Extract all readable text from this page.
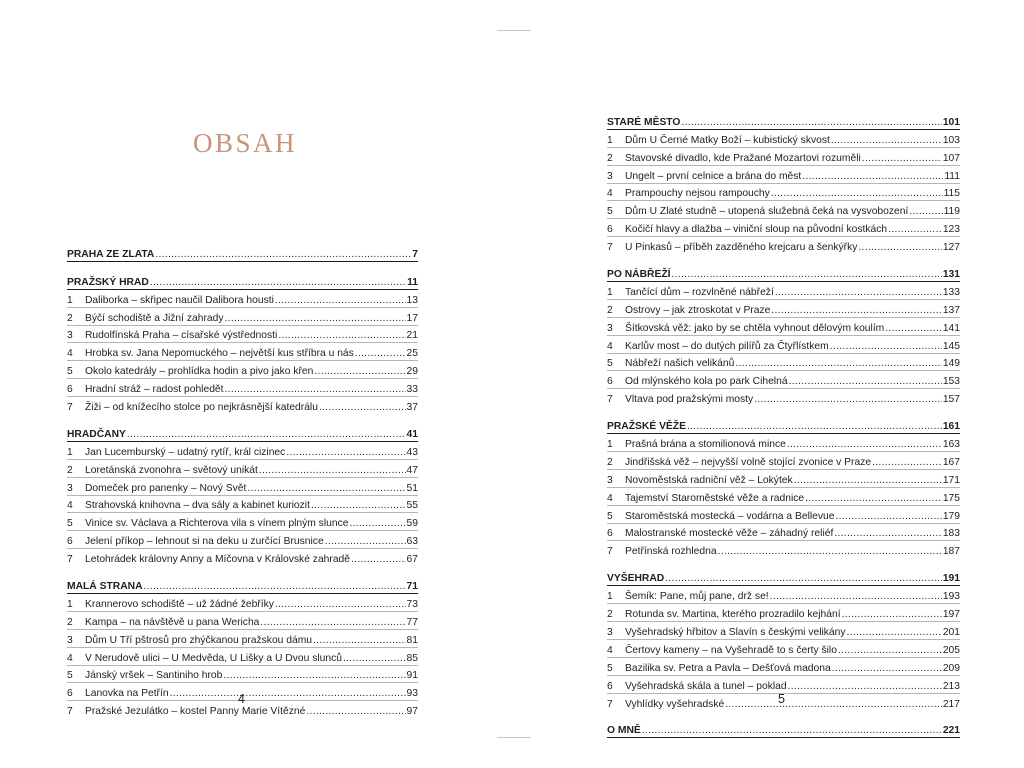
OBSAH
PRAHA ZE ZLATA .....	7
PRAŽSKÝ HRAD .....	11
1	Daliborka – skřipec naučil Dalibora housti .....	13
2	Býčí schodiště a Jižní zahrady .....	17
3	Rudolfínská Praha – císařské výstřednosti .....	21
4	Hrobka sv. Jana Nepomuckého – největší kus stříbra u nás .....	25
5	Okolo katedrály – prohlídka hodin a pivo jako křen .....	29
6	Hradní stráž – radost pohledět .....	33
7	Žiži – od knížecího stolce po nejkrásnější katedrálu .....	37
HRADČANY .....	41
1	Jan Lucemburský – udatný rytíř, král cizinec .....	43
2	Loretánská zvonohra – světový unikát .....	47
3	Domeček pro panenky – Nový Svět .....	51
4	Strahovská knihovna – dva sály a kabinet kuriozit .....	55
5	Vinice sv. Václava a Richterova vila s vínem plným slunce .....	59
6	Jelení příkop – lehnout si na deku u zurčící Brusnice .....	63
7	Letohrádek královny Anny a Míčovna v Královské zahradě .....	67
MALÁ STRANA .....	71
1	Krannerovo schodiště – už žádné žebříky .....	73
2	Kampa – na návštěvě u pana Wericha .....	77
3	Dům U Tří pštrosů pro zhýčkanou pražskou dámu .....	81
4	V Nerudově ulici – U Medvěda, U Lišky a U Dvou slunců .....	85
5	Jánský vršek – Santiniho hrob .....	91
6	Lanovka na Petřín .....	93
7	Pražské Jezulátko – kostel Panny Marie Vítězné .....	97
STARÉ MĚSTO .....	101
1	Dům U Černé Matky Boží – kubistický skvost .....	103
2	Stavovské divadlo, kde Pražané Mozartovi rozuměli .....	107
3	Ungelt – první celnice a brána do měst .....	111
4	Prampouchy nejsou rampouchy .....	115
5	Dům U Zlaté studně – utopená služebná čeká na vysvobození .....	119
6	Kočičí hlavy a dlažba – viniční sloup na původní kostkách .....	123
7	U Pinkasů – příběh zazděného krejcaru a šenkýřky .....	127
PO NÁBŘEŽÍ .....	131
1	Tančící dům – rozvlněné nábřeží .....	133
2	Ostrovy – jak ztroskotat v Praze .....	137
3	Šítkovská věž: jako by se chtěla vyhnout dělovým koulím .....	141
4	Karlův most – do dutých pilířů za Čtyřlístkem .....	145
5	Nábřeží našich velikánů .....	149
6	Od mlýnského kola po park Cihelná .....	153
7	Vltava pod pražskými mosty .....	157
PRAŽSKÉ VĚŽE .....	161
1	Prašná brána a stomilionová mince .....	163
2	Jindřišská věž – nejvyšší volně stojící zvonice v Praze .....	167
3	Novoměstská radniční věž – Lokýtek .....	171
4	Tajemství Staroměstské věže a radnice .....	175
5	Staroměstská mostecká – vodárna a Bellevue .....	179
6	Malostranské mostecké věže – záhadný reliéf .....	183
7	Petřínská rozhledna .....	187
VYŠEHRAD .....	191
1	Šemík: Pane, můj pane, drž se! .....	193
2	Rotunda sv. Martina, kterého prozradilo kejhání .....	197
3	Vyšehradský hřbitov a Slavín s českými velikány .....	201
4	Čertovy kameny – na Vyšehradě to s čerty šilo .....	205
5	Bazilika sv. Petra a Pavla – Dešťová madona .....	209
6	Vyšehradská skála a tunel – poklad .....	213
7	Vyhlídky vyšehradské .....	217
O MNĚ .....	221
4	5
